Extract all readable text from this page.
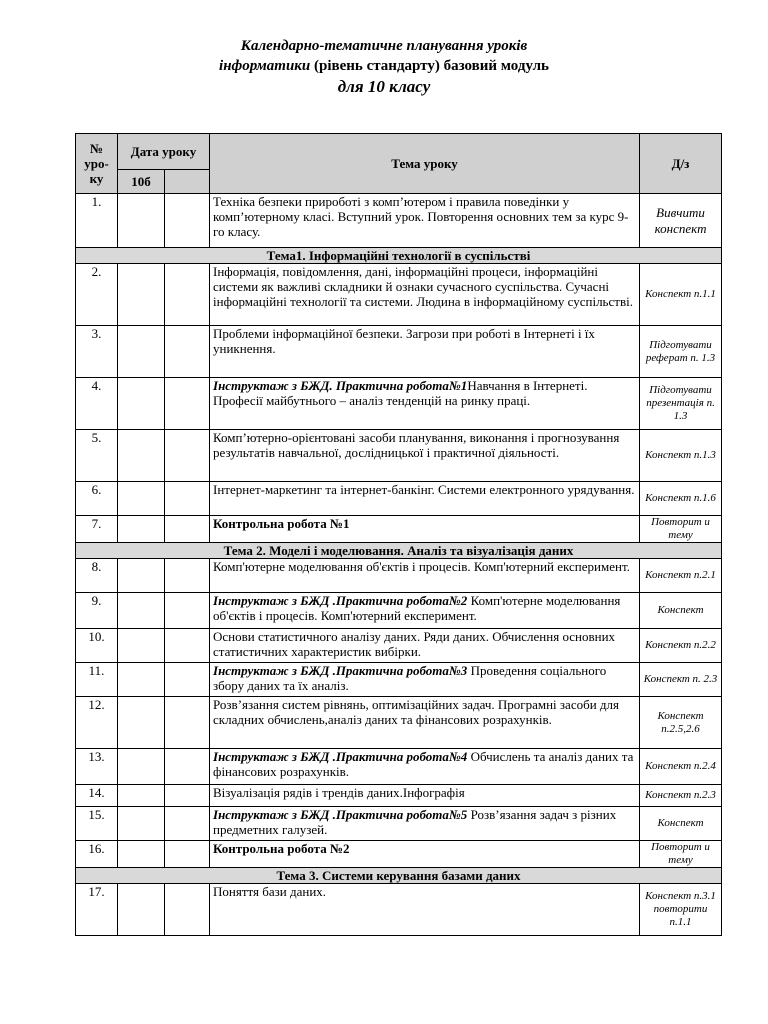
Календарно-тематичне планування уроків
інформатики (рівень стандарту) базовий модуль
для 10 класу
№ уро-ку	Дата уроку		Тема уроку	Д/з
	10б			
1.			Техніка безпеки приробoті з комп’ютером і правила поведінки у комп’ютерному класі. Вступний урок. Повторення основних тем за курс 9-го класу.	Вивчити конспект
Тема1. Інформаційні технології в суспільстві				
2.			Інформація, повідомлення, дані, інформаційні процеси, інформаційні системи як важливі складники й ознаки сучасного суспільства. Сучасні інформаційні технології та системи. Людина в інформаційному суспільстві.	Конспект п.1.1
3.			Проблеми інформаційної безпеки. Загрози при роботі в Інтернеті і їх уникнення.	Підготувати реферат п. 1.3
4.			Інструктаж з БЖД. Практична робота№1Навчання в Інтернеті. Професії майбутнього – аналіз тенденцій на ринку праці.	Підготувати презентація п. 1.3
5.			Комп’ютерно-орієнтовані засоби планування, виконання і прогнозування результатів навчальної, дослідницької і практичної діяльності.	Конспект п.1.3
6.			Інтернет-маркетинг та інтернет-банкінг. Системи електронного урядування.	Конспект п.1.6
7.			Контрольна робота №1	Повторит и тему
Тема 2. Моделі і моделювання. Аналіз та візуалізація даних				
8.			Комп'ютерне моделювання об'єктів і процесів. Комп'ютерний експеримент.	Конспект п.2.1
9.			Інструктаж з БЖД .Практична робота№2 Комп'ютерне моделювання об'єктів і процесів. Комп'ютерний експеримент.	Конспект
10.			Основи статистичного аналізу даних. Ряди даних. Обчислення основних статистичних характеристик вибірки.	Конспект п.2.2
11.			Інструктаж з БЖД .Практична робота№3 Проведення соціального збору даних та їх аналіз.	Конспект п. 2.3
12.			Розв’язання систем рівнянь, оптимізаційних задач. Програмні засоби для складних обчислень,аналіз даних та фінансових розрахунків.	Конспект п.2.5,2.6
13.			Інструктаж з БЖД .Практична робота№4 Обчислень та аналіз даних та фінансових розрахунків.	Конспект п.2.4
14.			Візуалізація рядів і трендів даних.Інфографія	Конспект п.2.3
15.			Інструктаж з БЖД .Практична робота№5 Розв’язання задач з різних предметних галузей.	Конспект
16.			Контрольна робота №2	Повторит и тему
Тема 3. Системи керування базами даних				
17.			Поняття бази даних.	Конспект п.3.1 повторити п.1.1
